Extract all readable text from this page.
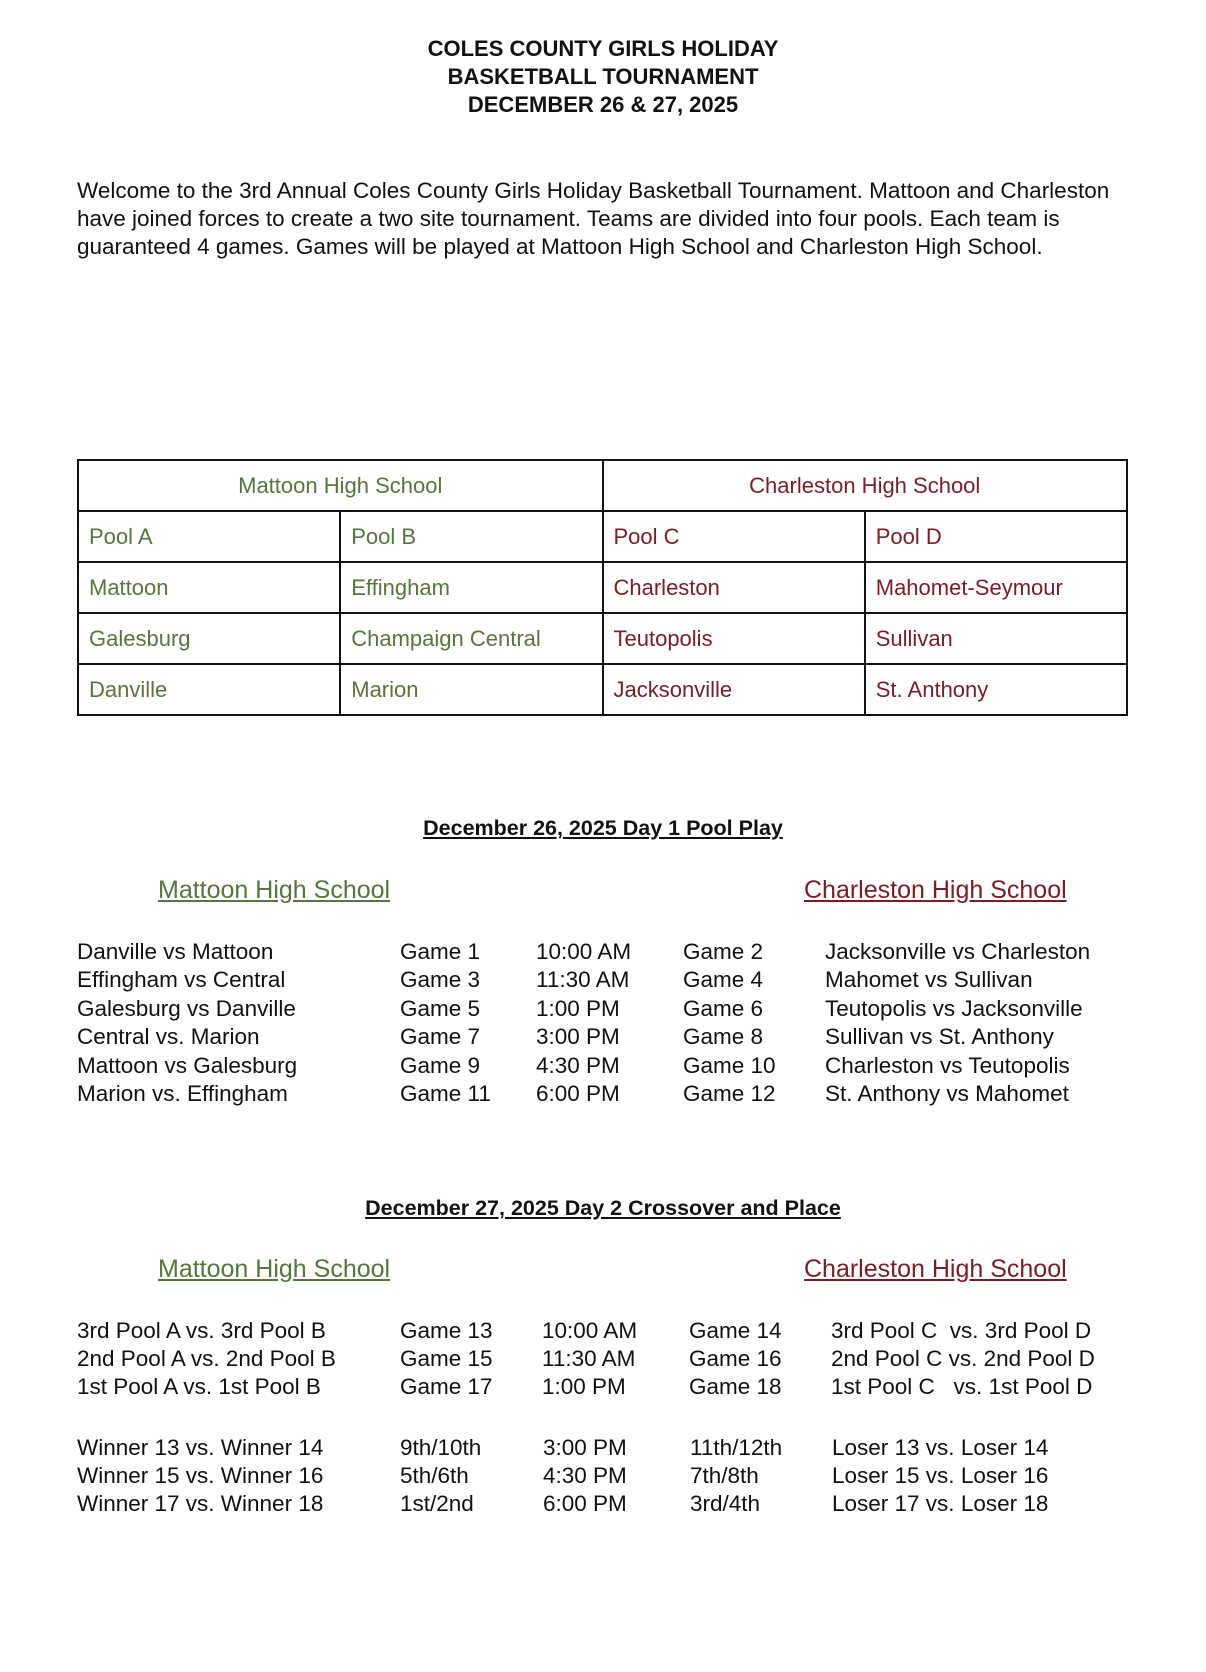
COLES COUNTY GIRLS HOLIDAY
BASKETBALL TOURNAMENT
DECEMBER 26 & 27, 2025
Welcome to the 3rd Annual Coles County Girls Holiday Basketball Tournament. Mattoon and Charleston have joined forces to create a two site tournament. Teams are divided into four pools. Each team is guaranteed 4 games. Games will be played at Mattoon High School and Charleston High School.
Mattoon High School		Charleston High School	
Pool A	Pool B	Pool C	Pool D
Mattoon	Effingham	Charleston	Mahomet-Seymour
Galesburg	Champaign Central	Teutopolis	Sullivan
Danville	Marion	Jacksonville	St. Anthony
December 26, 2025 Day 1 Pool Play
Mattoon High School	Charleston High School
Danville vs Mattoon	Game 1 10:00 AM Game 2	Jacksonville vs Charleston
Effingham vs Central	Game 3 11:30 AM Game 4	Mahomet vs Sullivan
Galesburg vs Danville	Game 5 1:00 PM	Game 6	Teutopolis vs Jacksonville
Central vs. Marion	Game 7 3:00 PM	Game 8	Sullivan vs St. Anthony
Mattoon vs Galesburg	Game 9 4:30 PM	Game 10 Charleston vs Teutopolis
Marion vs. Effingham	Game 11 6:00 PM	Game 12 St. Anthony vs Mahomet
December 27, 2025 Day 2 Crossover and Place
Mattoon High School	Charleston High School
3rd Pool A vs. 3rd Pool B	Game 13 10:00 AM Game 14 3rd Pool C  vs. 3rd Pool D
2nd Pool A vs. 2nd Pool B	Game 15 11:30 AM Game 16 2nd Pool C vs. 2nd Pool D
1st Pool A vs. 1st Pool B	Game 17 1:00 PM	Game 18 1st Pool C   vs. 1st Pool D
Winner 13 vs. Winner 14	9th/10th	3:00 PM	11th/12th Loser 13 vs. Loser 14
Winner 15 vs. Winner 16	5th/6th	4:30 PM	7th/8th	Loser 15 vs. Loser 16
Winner 17 vs. Winner 18	1st/2nd	6:00 PM	3rd/4th	Loser 17 vs. Loser 18
